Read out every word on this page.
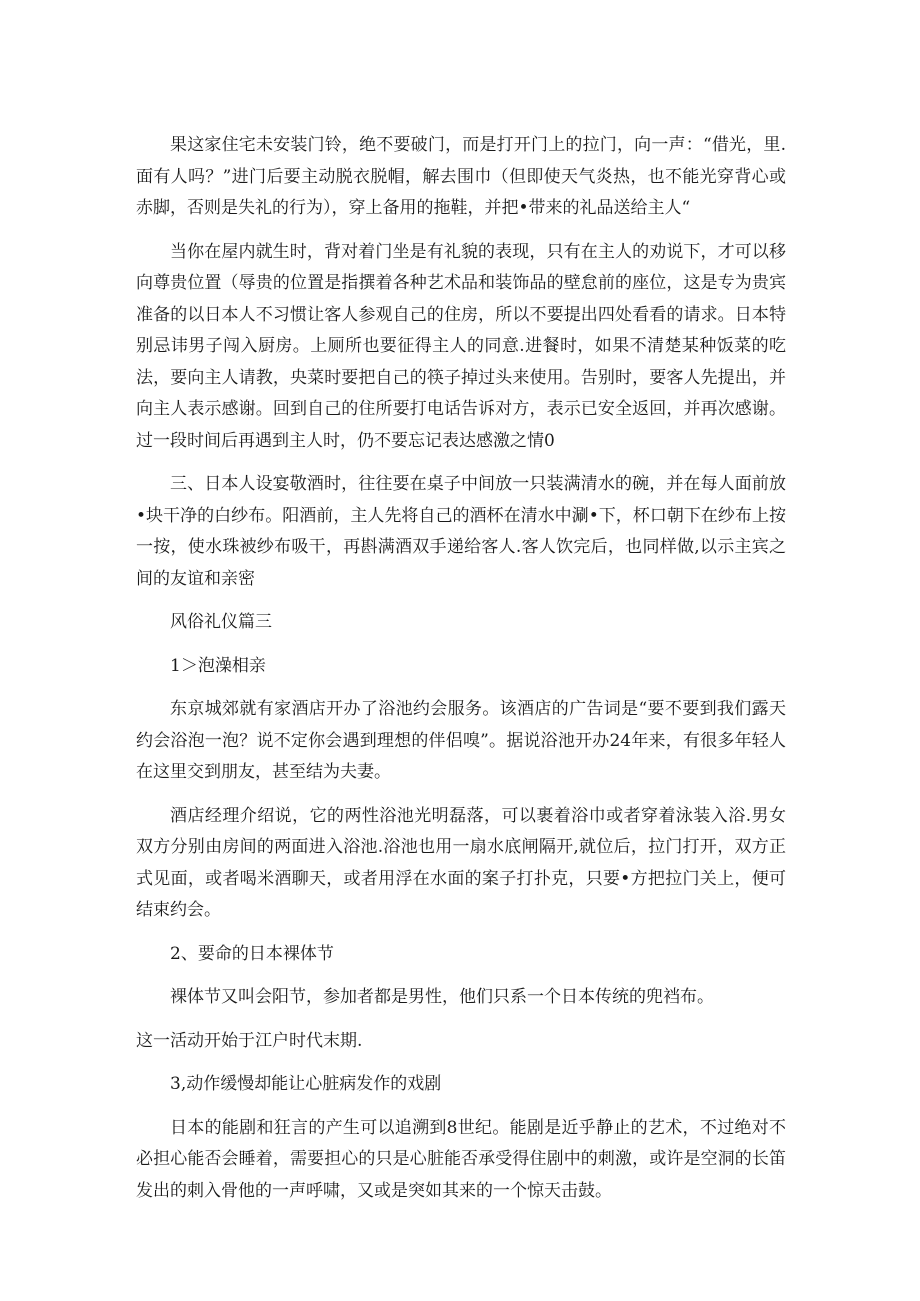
果这家住宅未安装门铃，绝不要破门，而是打开门上的拉门，向一声：“借光，里.面有人吗？”进门后要主动脱衣脱帽，解去围巾（但即使天气炎热，也不能光穿背心或赤脚，否则是失礼的行为），穿上备用的拖鞋，并把•带来的礼品送给主人“

当你在屋内就生时，背对着门坐是有礼貌的表现，只有在主人的劝说下，才可以移向尊贵位置（辱贵的位置是指撰着各种艺术品和装饰品的壁怠前的座位，这是专为贵宾准备的以日本人不习惯让客人参观自己的住房，所以不要提出四处看看的请求。日本特别忌讳男子闯入厨房。上厕所也要征得主人的同意.进餐时，如果不清楚某种饭菜的吃法，要向主人请教，央菜时要把自己的筷子掉过头来使用。告别时，要客人先提出，并向主人表示感谢。回到自己的住所要打电话告诉对方，表示已安全返回，并再次感谢。过一段时间后再遇到主人时，仍不要忘记表达感激之情0

三、日本人设宴敬酒时，往往要在桌子中间放一只装满清水的碗，并在每人面前放•块干净的白纱布。阳酒前，主人先将自己的酒杯在清水中涮•下，杯口朝下在纱布上按一按，使水珠被纱布吸干，再斟满酒双手递给客人.客人饮完后，也同样做,以示主宾之间的友谊和亲密

风俗礼仪篇三

1＞泡澡相亲

东京城郊就有家酒店开办了浴池约会服务。该酒店的广告词是“要不要到我们露天约会浴泡一泡？说不定你会遇到理想的伴侣嗅”。据说浴池开办24年来，有很多年轻人在这里交到朋友，甚至结为夫妻。

酒店经理介绍说，它的两性浴池光明磊落，可以裹着浴巾或者穿着泳装入浴.男女双方分别由房间的两面进入浴池.浴池也用一扇水底闸隔开,就位后，拉门打开，双方正式见面，或者喝米酒聊天，或者用浮在水面的案子打扑克，只要•方把拉门关上，便可结束约会。

2、要命的日本裸体节

裸体节又叫会阳节，参加者都是男性，他们只系一个日本传统的兜裆布。

这一活动开始于江户时代末期.

3,动作缓慢却能让心脏病发作的戏剧

日本的能剧和狂言的产生可以追溯到8世纪。能剧是近乎静止的艺术，不过绝对不必担心能否会睡着，需要担心的只是心脏能否承受得住剧中的刺激，或许是空洞的长笛发出的刺入骨他的一声呼啸，又或是突如其来的一个惊天击鼓。
